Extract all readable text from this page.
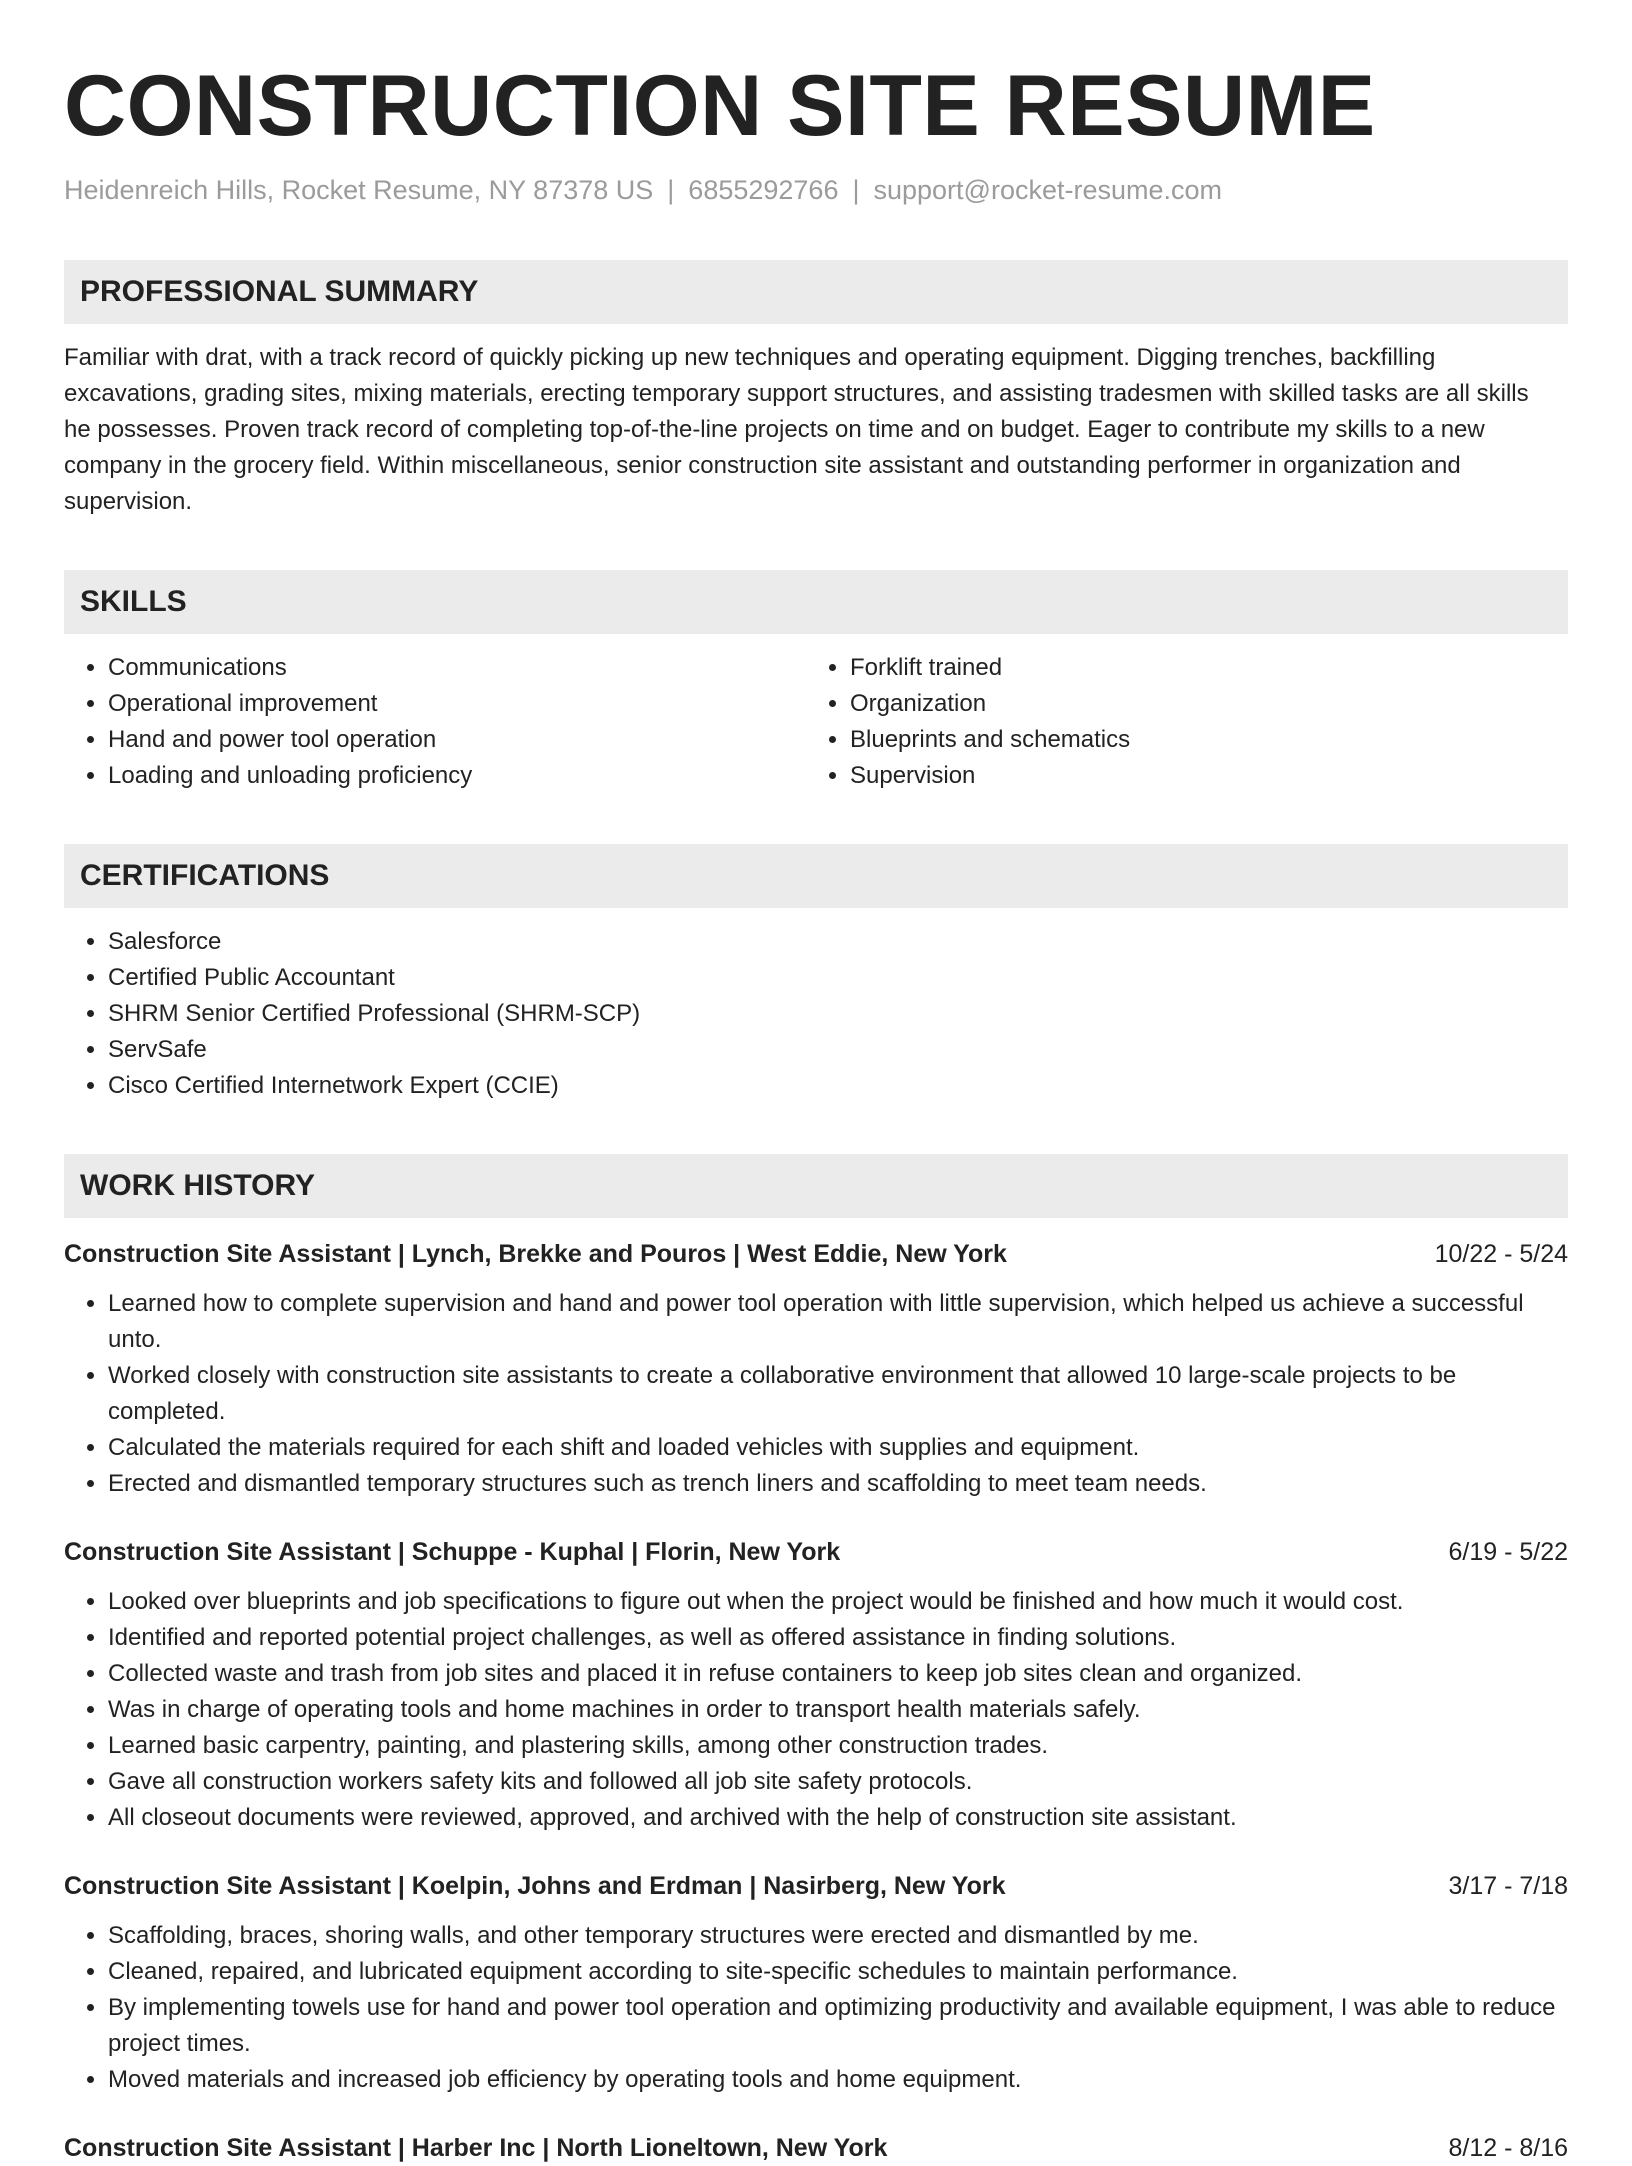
CONSTRUCTION SITE RESUME
Heidenreich Hills, Rocket Resume, NY 87378 US | 6855292766 | support@rocket-resume.com
PROFESSIONAL SUMMARY
Familiar with drat, with a track record of quickly picking up new techniques and operating equipment. Digging trenches, backfilling excavations, grading sites, mixing materials, erecting temporary support structures, and assisting tradesmen with skilled tasks are all skills he possesses. Proven track record of completing top-of-the-line projects on time and on budget. Eager to contribute my skills to a new company in the grocery field. Within miscellaneous, senior construction site assistant and outstanding performer in organization and supervision.
SKILLS
• Communications
• Operational improvement
• Hand and power tool operation
• Loading and unloading proficiency
• Forklift trained
• Organization
• Blueprints and schematics
• Supervision
CERTIFICATIONS
• Salesforce
• Certified Public Accountant
• SHRM Senior Certified Professional (SHRM-SCP)
• ServSafe
• Cisco Certified Internetwork Expert (CCIE)
WORK HISTORY
Construction Site Assistant | Lynch, Brekke and Pouros | West Eddie, New York	10/22 - 5/24
• Learned how to complete supervision and hand and power tool operation with little supervision, which helped us achieve a successful unto.
• Worked closely with construction site assistants to create a collaborative environment that allowed 10 large-scale projects to be completed.
• Calculated the materials required for each shift and loaded vehicles with supplies and equipment.
• Erected and dismantled temporary structures such as trench liners and scaffolding to meet team needs.
Construction Site Assistant | Schuppe - Kuphal | Florin, New York	6/19 - 5/22
• Looked over blueprints and job specifications to figure out when the project would be finished and how much it would cost.
• Identified and reported potential project challenges, as well as offered assistance in finding solutions.
• Collected waste and trash from job sites and placed it in refuse containers to keep job sites clean and organized.
• Was in charge of operating tools and home machines in order to transport health materials safely.
• Learned basic carpentry, painting, and plastering skills, among other construction trades.
• Gave all construction workers safety kits and followed all job site safety protocols.
• All closeout documents were reviewed, approved, and archived with the help of construction site assistant.
Construction Site Assistant | Koelpin, Johns and Erdman | Nasirberg, New York	3/17 - 7/18
• Scaffolding, braces, shoring walls, and other temporary structures were erected and dismantled by me.
• Cleaned, repaired, and lubricated equipment according to site-specific schedules to maintain performance.
• By implementing towels use for hand and power tool operation and optimizing productivity and available equipment, I was able to reduce project times.
• Moved materials and increased job efficiency by operating tools and home equipment.
Construction Site Assistant | Harber Inc | North Lioneltown, New York	8/12 - 8/16
